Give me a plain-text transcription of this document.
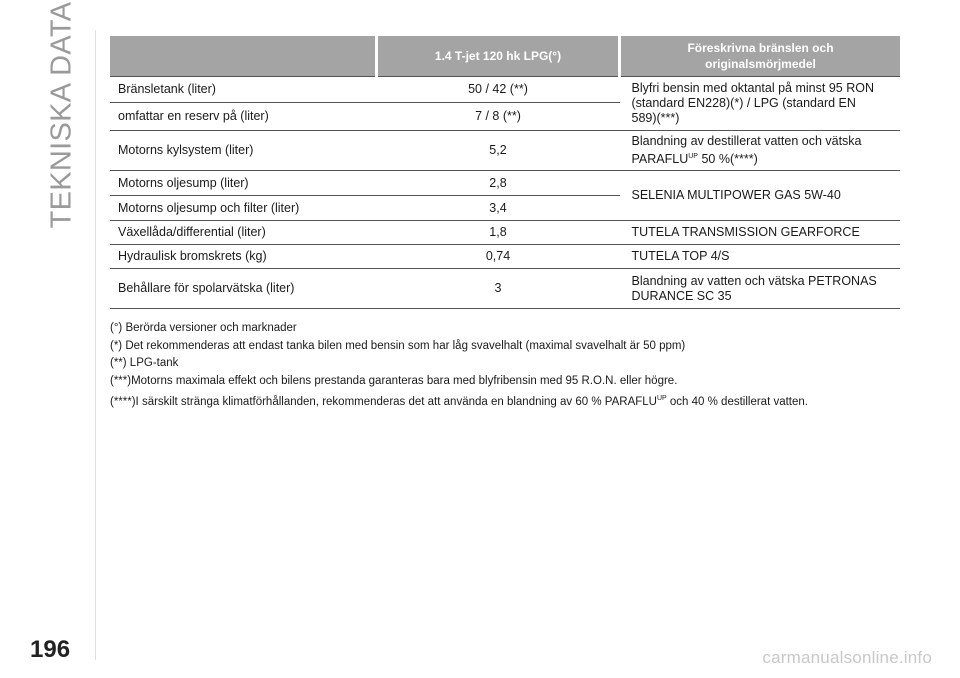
TEKNISKA DATA
		1.4 T-jet 120 hk LPG(°)	Föreskrivna bränslen och
originalsmörjmedel
Bränsletank (liter)	50 / 42 (**)	Blyfri bensin med oktantal på minst 95 RON
(standard EN228)(*) / LPG (standard EN
589)(***)
omfattar en reserv på (liter)	7 / 8 (**)	
Motorns kylsystem (liter)	5,2	Blandning av destillerat vatten och vätska
$PARAFLU^{UP}$ 50 %(****)
Motorns oljesump (liter)	2,8	SELENIA MULTIPOWER GAS 5W-40
Motorns oljesump och filter (liter)	3,4	
Växellåda/differential (liter)	1,8	TUTELA TRANSMISSION GEARFORCE
Hydraulisk bromskrets (kg)	0,74	TUTELA TOP 4/S
Behållare för spolarvätska (liter)	3	Blandning av vatten och vätska PETRONAS
DURANCE SC 35
(°) Berörda versioner och marknader
(*) Det rekommenderas att endast tanka bilen med bensin som har låg svavelhalt (maximal svavelhalt är 50 ppm)
(**) LPG-tank
(***)Motorns maximala effekt och bilens prestanda garanteras bara med blyfribensin med 95 R.O.N. eller högre.
(****)I särskilt stränga klimatförhållanden, rekommenderas det att använda en blandning av 60 % $PARAFLU^{UP}$ och 40 % destillerat vatten.
196	carmanualsonline.info
